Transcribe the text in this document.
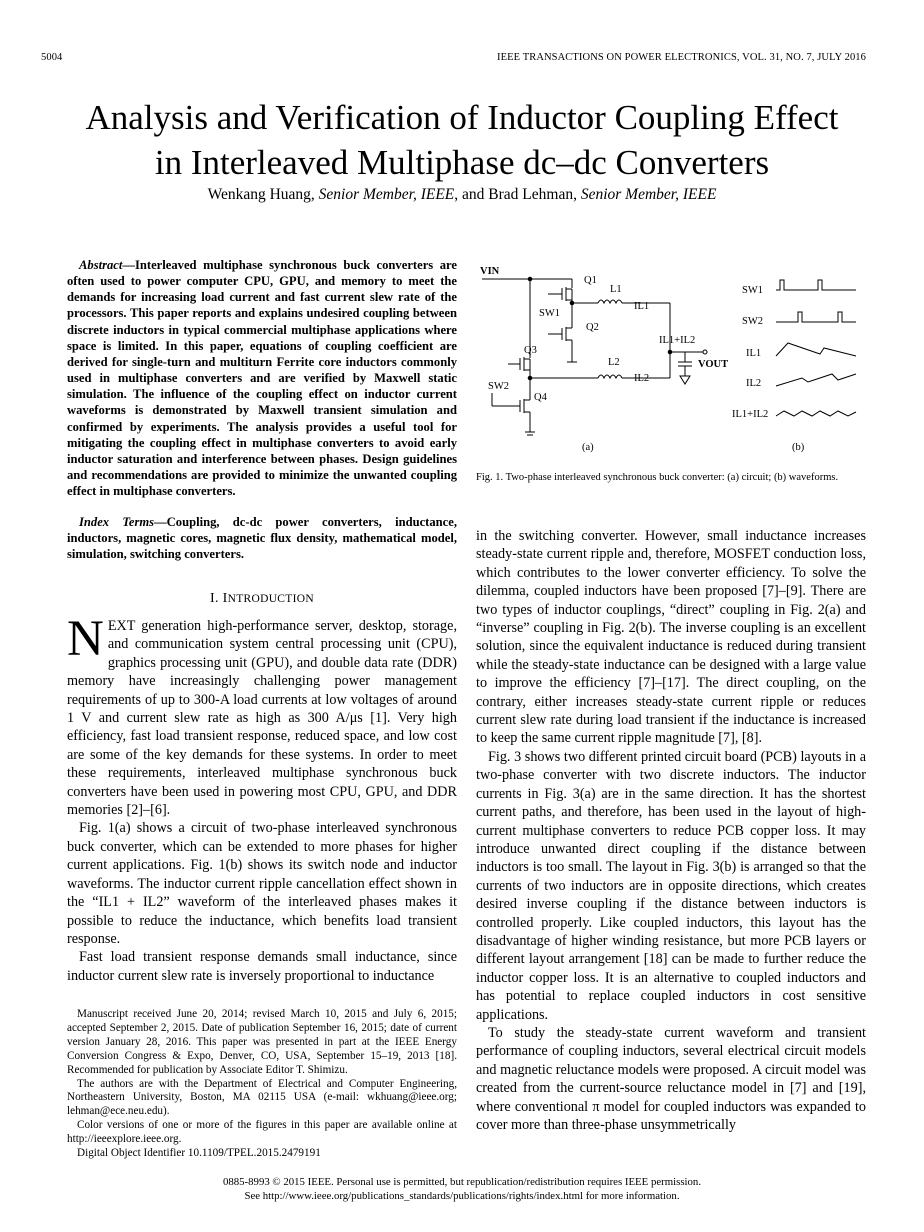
5004	IEEE TRANSACTIONS ON POWER ELECTRONICS, VOL. 31, NO. 7, JULY 2016
Analysis and Verification of Inductor Coupling Effect
in Interleaved Multiphase dc–dc Converters
Wenkang Huang, Senior Member, IEEE, and Brad Lehman, Senior Member, IEEE

Abstract—Interleaved multiphase synchronous buck converters are often used to power computer CPU, GPU, and memory to meet the demands for increasing load current and fast current slew rate of the processors. This paper reports and explains undesired coupling between discrete inductors in typical commercial multiphase applications where space is limited. In this paper, equations of coupling coefficient are derived for single-turn and multiturn Ferrite core inductors commonly used in multiphase converters and are verified by Maxwell static simulation. The influence of the coupling effect on inductor current waveforms is demonstrated by Maxwell transient simulation and confirmed by experiments. The analysis provides a useful tool for mitigating the coupling effect in multiphase converters to avoid early inductor saturation and interference between phases. Design guidelines and recommendations are provided to minimize the unwanted coupling effect in multiphase converters.

Index Terms—Coupling, dc-dc power converters, inductance, inductors, magnetic cores, magnetic flux density, mathematical model, simulation, switching converters.

I. INTRODUCTION

NEXT generation high-performance server, desktop, storage, and communication system central processing unit (CPU), graphics processing unit (GPU), and double data rate (DDR) memory have increasingly challenging power management requirements of up to 300-A load currents at low voltages of around 1 V and current slew rate as high as 300 A/μs [1]. Very high efficiency, fast load transient response, reduced space, and low cost are some of the key demands for these systems. In order to meet these requirements, interleaved multiphase synchronous buck converters have been used in powering most CPU, GPU, and DDR memories [2]–[6].

Fig. 1(a) shows a circuit of two-phase interleaved synchronous buck converter, which can be extended to more phases for higher current applications. Fig. 1(b) shows its switch node and inductor waveforms. The inductor current ripple cancellation effect shown in the “IL1 + IL2” waveform of the interleaved phases makes it possible to reduce the inductance, which benefits load transient response.

Fast load transient response demands small inductance, since inductor current slew rate is inversely proportional to inductance

Manuscript received June 20, 2014; revised March 10, 2015 and July 6, 2015; accepted September 2, 2015. Date of publication September 16, 2015; date of current version January 28, 2016. This paper was presented in part at the IEEE Energy Conversion Congress & Expo, Denver, CO, USA, September 15–19, 2013 [18]. Recommended for publication by Associate Editor T. Shimizu.

The authors are with the Department of Electrical and Computer Engineering, Northeastern University, Boston, MA 02115 USA (e-mail: wkhuang@ieee.org; lehman@ece.neu.edu).

Color versions of one or more of the figures in this paper are available online at http://ieeexplore.ieee.org.

Digital Object Identifier 10.1109/TPEL.2015.2479191

VIN
Q1
L1
IL1
SW1
Q2
IL1+IL2
Q3
L2	VOUT
IL2
SW2
Q4
(a)
SW1
SW2
IL1
IL2
IL1+IL2
(b)
Fig. 1. Two-phase interleaved synchronous buck converter: (a) circuit; (b) waveforms.

in the switching converter. However, small inductance increases steady-state current ripple and, therefore, MOSFET conduction loss, which contributes to the lower converter efficiency. To solve the dilemma, coupled inductors have been proposed [7]–[9]. There are two types of inductor couplings, “direct” coupling in Fig. 2(a) and “inverse” coupling in Fig. 2(b). The inverse coupling is an excellent solution, since the equivalent inductance is reduced during transient while the steady-state inductance can be designed with a large value to improve the efficiency [7]–[17]. The direct coupling, on the contrary, either increases steady-state current ripple or reduces current slew rate during load transient if the inductance is increased to keep the same current ripple magnitude [7], [8].

Fig. 3 shows two different printed circuit board (PCB) layouts in a two-phase converter with two discrete inductors. The inductor currents in Fig. 3(a) are in the same direction. It has the shortest current paths, and therefore, has been used in the layout of high-current multiphase converters to reduce PCB copper loss. It may introduce unwanted direct coupling if the distance between inductors is too small. The layout in Fig. 3(b) is arranged so that the currents of two inductors are in opposite directions, which creates desired inverse coupling if the distance between inductors is controlled properly. Like coupled inductors, this layout has the disadvantage of higher winding resistance, but more PCB layers or different layout arrangement [18] can be made to further reduce the inductor copper loss. It is an alternative to coupled inductors and has potential to replace coupled inductors in cost sensitive applications.

To study the steady-state current waveform and transient performance of coupling inductors, several electrical circuit models and magnetic reluctance models were proposed. A circuit model was created from the current-source reluctance model in [7] and [19], where conventional π model for coupled inductors was expanded to cover more than three-phase unsymmetrically

0885-8993 © 2015 IEEE. Personal use is permitted, but republication/redistribution requires IEEE permission.
See http://www.ieee.org/publications_standards/publications/rights/index.html for more information.
